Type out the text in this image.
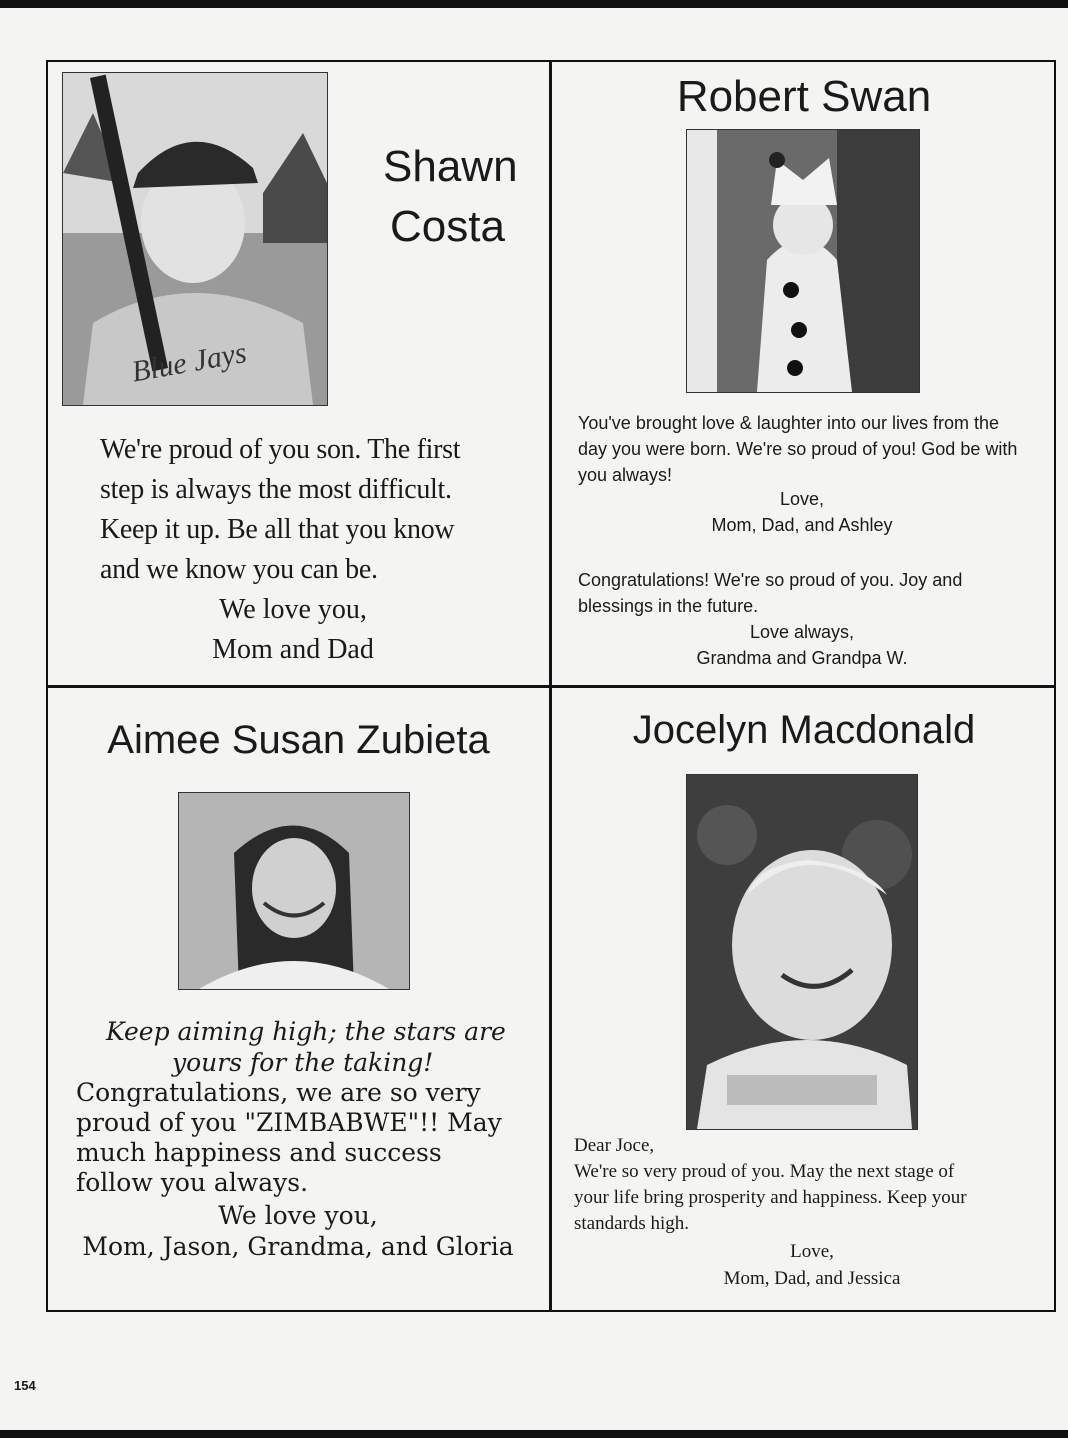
Blue Jays
Shawn
Costa
We're proud of you son. The first
step is always the most difficult.
Keep it up. Be all that you know
and we know you can be.
We love you,
Mom and Dad
Robert Swan
You've brought love & laughter into our lives from the
day you were born. We're so proud of you! God be with
you always!
Love,
Mom, Dad, and Ashley
Congratulations! We're so proud of you. Joy and
blessings in the future.
Love always,
Grandma and Grandpa W.
Aimee Susan Zubieta
Keep aiming high; the stars are
yours for the taking!
Congratulations, we are so very
proud of you "ZIMBABWE"!! May
much happiness and success
follow you always.
We love you,
Mom, Jason, Grandma, and Gloria
Jocelyn Macdonald
Dear Joce,
We're so very proud of you. May the next stage of
your life bring prosperity and happiness. Keep your
standards high.
Love,
Mom, Dad, and Jessica
154
